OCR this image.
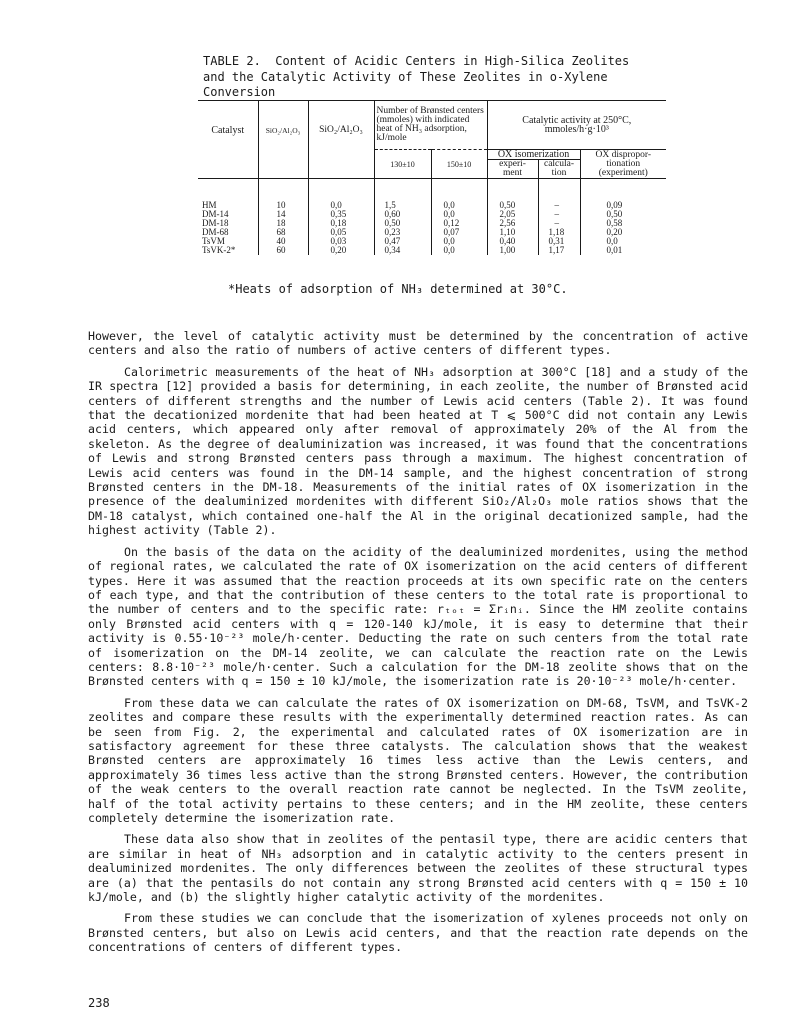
TABLE 2.  Content of Acidic Centers in High-Silica Zeolites
and the Catalytic Activity of These Zeolites in o-Xylene
Conversion
Catalyst	SiO₂/Al₂O₃	SiO₂/Al₂O₃	Number of Brønsted centers (mmoles) with indicated heat of NH₃ adsorption, kJ/mole		Catalytic activity at 250°C, mmoles/h·g·10³		
			130±10	150±10	OX isomerization		OX dispropor- tionation (experiment)
					experi- ment	calcula- tion	

HM	10	0,0	1,5	0,0	0,50	–	0,09
DM-14	14	0,35	0,60	0,0	2,05	–	0,50
DM-18	18	0,18	0,50	0,12	2,56	–	0,58
DM-68	68	0,05	0,23	0,07	1,10	1,18	0,20
TsVM	40	0,03	0,47	0,0	0,40	0,31	0,0
TsVK-2*	60	0,20	0,34	0,0	1,00	1,17	0,01
*Heats of adsorption of NH₃ determined at 30°C.

However, the level of catalytic activity must be determined by the concentration of active centers and also the ratio of numbers of active centers of different types.

Calorimetric measurements of the heat of NH₃ adsorption at 300°C [18] and a study of the IR spectra [12] provided a basis for determining, in each zeolite, the number of Brønsted acid centers of different strengths and the number of Lewis acid centers (Table 2). It was found that the decationized mordenite that had been heated at T ⩽ 500°C did not contain any Lewis acid centers, which appeared only after removal of approximately 20% of the Al from the skeleton. As the degree of dealuminization was increased, it was found that the concentrations of Lewis and strong Brønsted centers pass through a maximum. The highest concentration of Lewis acid centers was found in the DM-14 sample, and the highest concentration of strong Brønsted centers in the DM-18. Measurements of the initial rates of OX isomerization in the presence of the dealuminized mordenites with different SiO₂/Al₂O₃ mole ratios shows that the DM-18 catalyst, which contained one-half the Al in the original decationized sample, had the highest activity (Table 2).

On the basis of the data on the acidity of the dealuminized mordenites, using the method of regional rates, we calculated the rate of OX isomerization on the acid centers of different types. Here it was assumed that the reaction proceeds at its own specific rate on the centers of each type, and that the contribution of these centers to the total rate is proportional to the number of centers and to the specific rate: rₜₒₜ = Σrᵢnᵢ. Since the HM zeolite contains only Brønsted acid centers with q = 120-140 kJ/mole, it is easy to determine that their activity is 0.55·10⁻²³ mole/h·center. Deducting the rate on such centers from the total rate of isomerization on the DM-14 zeolite, we can calculate the reaction rate on the Lewis centers: 8.8·10⁻²³ mole/h·center. Such a calculation for the DM-18 zeolite shows that on the Brønsted centers with q = 150 ± 10 kJ/mole, the isomerization rate is 20·10⁻²³ mole/h·center.

From these data we can calculate the rates of OX isomerization on DM-68, TsVM, and TsVK-2 zeolites and compare these results with the experimentally determined reaction rates. As can be seen from Fig. 2, the experimental and calculated rates of OX isomerization are in satisfactory agreement for these three catalysts. The calculation shows that the weakest Brønsted centers are approximately 16 times less active than the Lewis centers, and approximately 36 times less active than the strong Brønsted centers. However, the contribution of the weak centers to the overall reaction rate cannot be neglected. In the TsVM zeolite, half of the total activity pertains to these centers; and in the HM zeolite, these centers completely determine the isomerization rate.

These data also show that in zeolites of the pentasil type, there are acidic centers that are similar in heat of NH₃ adsorption and in catalytic activity to the centers present in dealuminized mordenites. The only differences between the zeolites of these structural types are (a) that the pentasils do not contain any strong Brønsted acid centers with q = 150 ± 10 kJ/mole, and (b) the slightly higher catalytic activity of the mordenites.

From these studies we can conclude that the isomerization of xylenes proceeds not only on Brønsted centers, but also on Lewis acid centers, and that the reaction rate depends on the concentrations of centers of different types.

238
